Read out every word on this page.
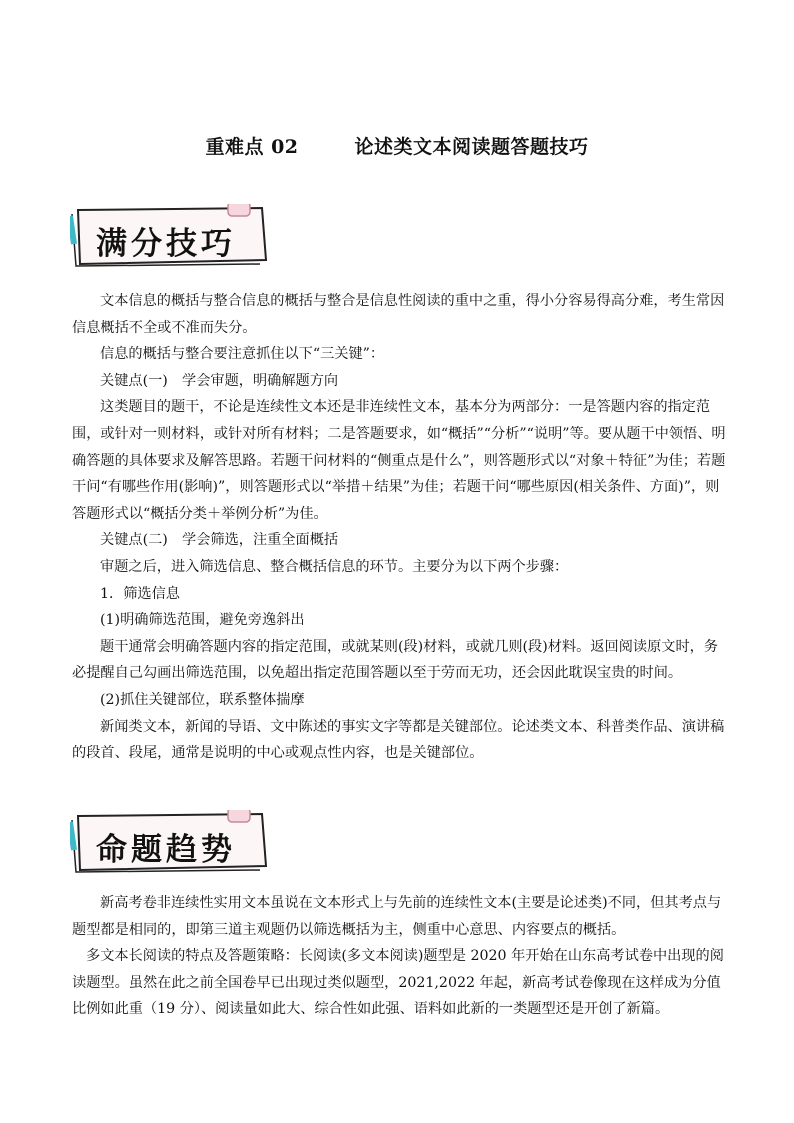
重难点 02	论述类文本阅读题答题技巧
满分技巧

文本信息的概括与整合信息的概括与整合是信息性阅读的重中之重，得小分容易得高分难，考生常因信息概括不全或不准而失分。

信息的概括与整合要注意抓住以下“三关键”：

关键点(一)　学会审题，明确解题方向

这类题目的题干，不论是连续性文本还是非连续性文本，基本分为两部分：一是答题内容的指定范围，或针对一则材料，或针对所有材料；二是答题要求，如“概括”“分析”“说明”等。要从题干中领悟、明确答题的具体要求及解答思路。若题干问材料的“侧重点是什么”，则答题形式以“对象＋特征”为佳；若题干问“有哪些作用(影响)”，则答题形式以“举措＋结果”为佳；若题干问“哪些原因(相关条件、方面)”，则答题形式以“概括分类＋举例分析”为佳。

关键点(二)　学会筛选，注重全面概括

审题之后，进入筛选信息、整合概括信息的环节。主要分为以下两个步骤：

1．筛选信息

(1)明确筛选范围，避免旁逸斜出

题干通常会明确答题内容的指定范围，或就某则(段)材料，或就几则(段)材料。返回阅读原文时，务必提醒自己勾画出筛选范围，以免超出指定范围答题以至于劳而无功，还会因此耽误宝贵的时间。

(2)抓住关键部位，联系整体揣摩

新闻类文本，新闻的导语、文中陈述的事实文字等都是关键部位。论述类文本、科普类作品、演讲稿的段首、段尾，通常是说明的中心或观点性内容，也是关键部位。

命题趋势

新高考卷非连续性实用文本虽说在文本形式上与先前的连续性文本(主要是论述类)不同，但其考点与题型都是相同的，即第三道主观题仍以筛选概括为主，侧重中心意思、内容要点的概括。

多文本长阅读的特点及答题策略：长阅读(多文本阅读)题型是 2020 年开始在山东高考试卷中出现的阅读题型。虽然在此之前全国卷早已出现过类似题型，2021,2022 年起，新高考试卷像现在这样成为分值比例如此重（19 分）、阅读量如此大、综合性如此强、语料如此新的一类题型还是开创了新篇。
